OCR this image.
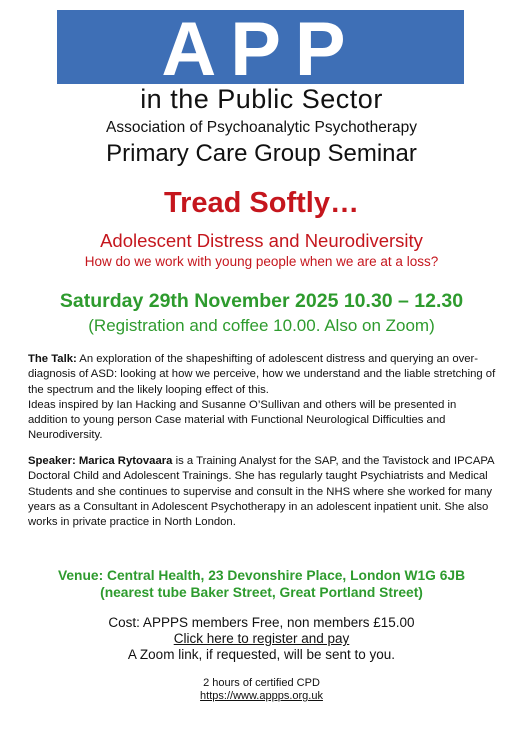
APP
in the Public Sector
Association of Psychoanalytic Psychotherapy
Primary Care Group Seminar
Tread Softly…
Adolescent Distress and Neurodiversity
How do we work with young people when we are at a loss?
Saturday 29th November 2025 10.30 – 12.30
(Registration and coffee 10.00. Also on Zoom)
The Talk: An exploration of the shapeshifting of adolescent distress and querying an over-diagnosis of ASD: looking at how we perceive, how we understand and the liable stretching of the spectrum and the likely looping effect of this.
Ideas inspired by Ian Hacking and Susanne O’Sullivan and others will be presented in addition to young person Case material with Functional Neurological Difficulties and Neurodiversity.
Speaker: Marica Rytovaara is a Training Analyst for the SAP, and the Tavistock and IPCAPA Doctoral Child and Adolescent Trainings. She has regularly taught Psychiatrists and Medical Students and she continues to supervise and consult in the NHS where she worked for many years as a Consultant in Adolescent Psychotherapy in an adolescent inpatient unit. She also works in private practice in North London.
Venue: Central Health, 23 Devonshire Place, London W1G 6JB
(nearest tube Baker Street, Great Portland Street)
Cost: APPPS members Free, non members £15.00
Click here to register and pay
A Zoom link, if requested, will be sent to you.
2 hours of certified CPD
https://www.appps.org.uk
